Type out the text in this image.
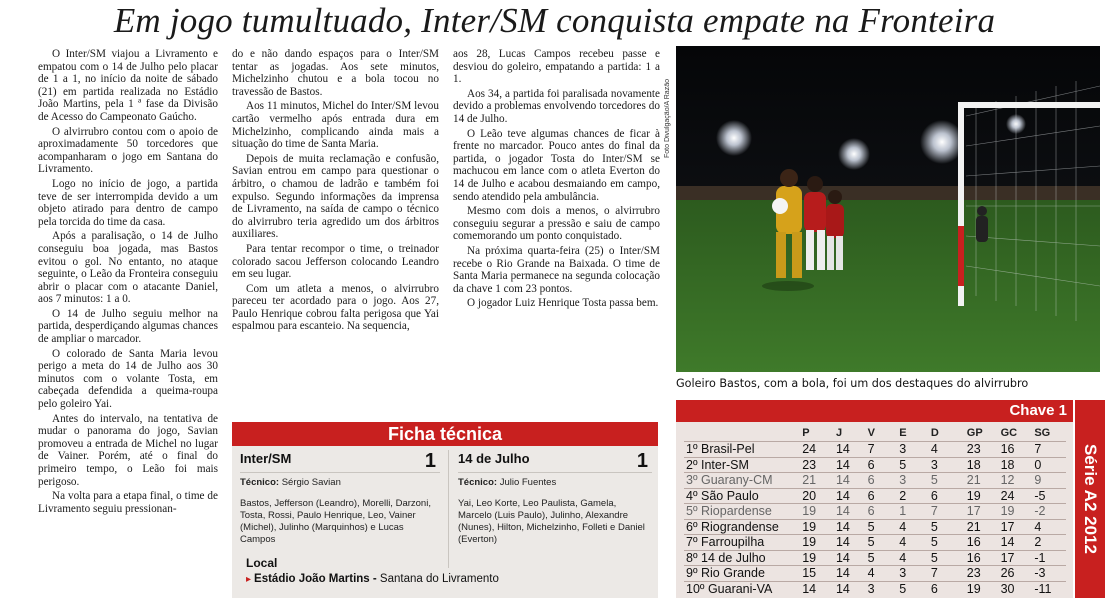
Em jogo tumultuado, Inter/SM conquista empate na Fronteira

O Inter/SM viajou a Livramento e empatou com o 14 de Julho pelo placar de 1 a 1, no início da noite de sábado (21) em partida realizada no Estádio João Martins, pela 1 ª fase da Divisão de Acesso do Campeonato Gaúcho.

O alvirrubro contou com o apoio de aproximadamente 50 torcedores que acompanharam o jogo em Santana do Livramento.

Logo no início de jogo, a partida teve de ser interrompida devido a um objeto atirado para dentro de campo pela torcida do time da casa.

Após a paralisação, o 14 de Julho conseguiu boa jogada, mas Bastos evitou o gol. No entanto, no ataque seguinte, o Leão da Fronteira conseguiu abrir o placar com o atacante Daniel, aos 7 minutos: 1 a 0.

O 14 de Julho seguiu melhor na partida, desperdiçando algumas chances de ampliar o marcador.

O colorado de Santa Maria levou perigo a meta do 14 de Julho aos 30 minutos com o volante Tosta, em cabeçada defendida a queima-roupa pelo goleiro Yai.

Antes do intervalo, na tentativa de mudar o panorama do jogo, Savian promoveu a entrada de Michel no lugar de Vainer. Porém, até o final do primeiro tempo, o Leão foi mais perigoso.

Na volta para a etapa final, o time de Livramento seguiu pressionan-

do e não dando espaços para o Inter/SM tentar as jogadas. Aos sete minutos, Michelzinho chutou e a bola tocou no travessão de Bastos.

Aos 11 minutos, Michel do Inter/SM levou cartão vermelho após entrada dura em Michelzinho, complicando ainda mais a situação do time de Santa Maria.

Depois de muita reclamação e confusão, Savian entrou em campo para questionar o árbitro, o chamou de ladrão e também foi expulso. Segundo informações da imprensa de Livramento, na saída de campo o técnico do alvirrubro teria agredido um dos árbitros auxiliares.

Para tentar recompor o time, o treinador colorado sacou Jefferson colocando Leandro em seu lugar.

Com um atleta a menos, o alvirrubro pareceu ter acordado para o jogo. Aos 27, Paulo Henrique cobrou falta perigosa que Yai espalmou para escanteio. Na sequencia,

aos 28, Lucas Campos recebeu passe e desviou do goleiro, empatando a partida: 1 a 1.

Aos 34, a partida foi paralisada novamente devido a problemas envolvendo torcedores do 14 de Julho.

O Leão teve algumas chances de ficar à frente no marcador. Pouco antes do final da partida, o jogador Tosta do Inter/SM se machucou em lance com o atleta Everton do 14 de Julho e acabou desmaiando em campo, sendo atendido pela ambulância.

Mesmo com dois a menos, o alvirrubro conseguiu segurar a pressão e saiu de campo comemorando um ponto conquistado.

Na próxima quarta-feira (25) o Inter/SM recebe o Rio Grande na Baixada. O time de Santa Maria permanece na segunda colocação da chave 1 com 23 pontos.

O jogador Luiz Henrique Tosta passa bem.

Foto Divulgação/A Razão
Goleiro Bastos, com a bola, foi um dos destaques do alvirrubro
Ficha técnica
Inter/SM	1
Técnico: Sérgio Savian
Bastos, Jefferson (Leandro), Morelli, Darzoni, Tosta, Rossi, Paulo Henrique, Leo, Vainer (Michel), Julinho (Marquinhos) e Lucas Campos
14 de Julho	1
Técnico: Julio Fuentes
Yai, Leo Korte, Leo Paulista, Gamela, Marcelo (Luis Paulo), Julinho, Alexandre (Nunes), Hilton, Michelzinho, Folleti e Daniel (Everton)
Local
▸ Estádio João Martins - Santana do Livramento
Chave 1
	P	J	V	E	D	GP	GC	SG
1º Brasil-Pel	24	14	7	3	4	23	16	7
2º Inter-SM	23	14	6	5	3	18	18	0
3º Guarany-CM	21	14	6	3	5	21	12	9
4º São Paulo	20	14	6	2	6	19	24	-5
5º Riopardense	19	14	6	1	7	17	19	-2
6º Riograndense	19	14	5	4	5	21	17	4
7º Farroupilha	19	14	5	4	5	16	14	2
8º 14 de Julho	19	14	5	4	5	16	17	-1
9º Rio Grande	15	14	4	3	7	23	26	-3
10º Guarani-VA	14	14	3	5	6	19	30	-11
Série A2 2012
